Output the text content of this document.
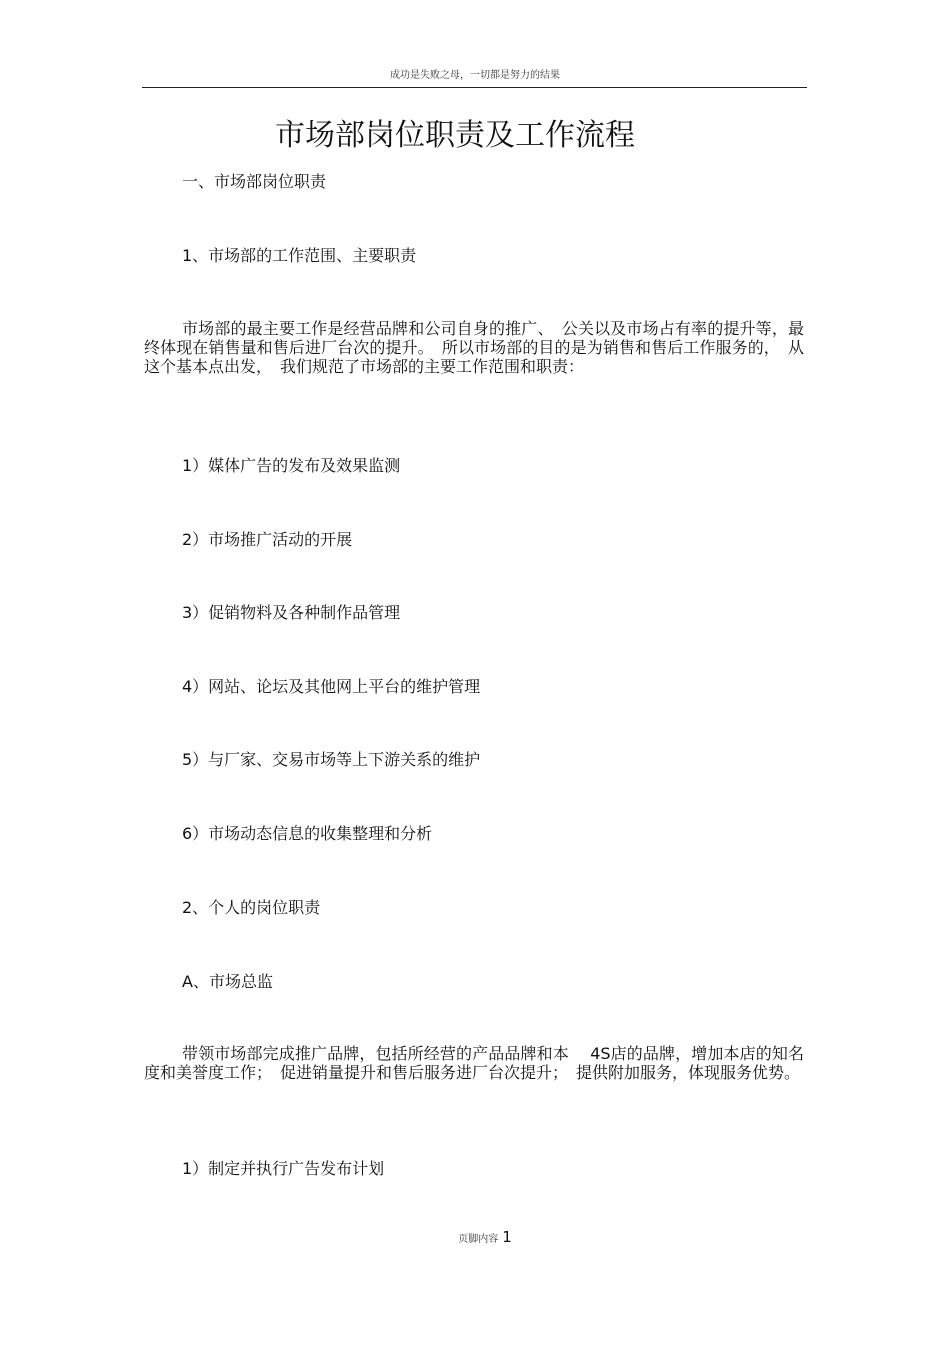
成功是失败之母，一切都是努力的结果
市场部岗位职责及工作流程
一、市场部岗位职责
1、市场部的工作范围、主要职责

市场部的最主要工作是经营品牌和公司自身的推广、　公关以及市场占有率的提升等，最终体现在销售量和售后进厂台次的提升。　所以市场部的目的是为销售和售后工作服务的，　从这个基本点出发，　我们规范了市场部的主要工作范围和职责：

1）媒体广告的发布及效果监测
2）市场推广活动的开展
3）促销物料及各种制作品管理
4）网站、论坛及其他网上平台的维护管理
5）与厂家、交易市场等上下游关系的维护
6）市场动态信息的收集整理和分析
2、个人的岗位职责
A、市场总监

带领市场部完成推广品牌，包括所经营的产品品牌和本　 4S店的品牌，增加本店的知名度和美誉度工作；　促进销量提升和售后服务进厂台次提升；　提供附加服务，体现服务优势。

1）制定并执行广告发布计划
页脚内容 1
